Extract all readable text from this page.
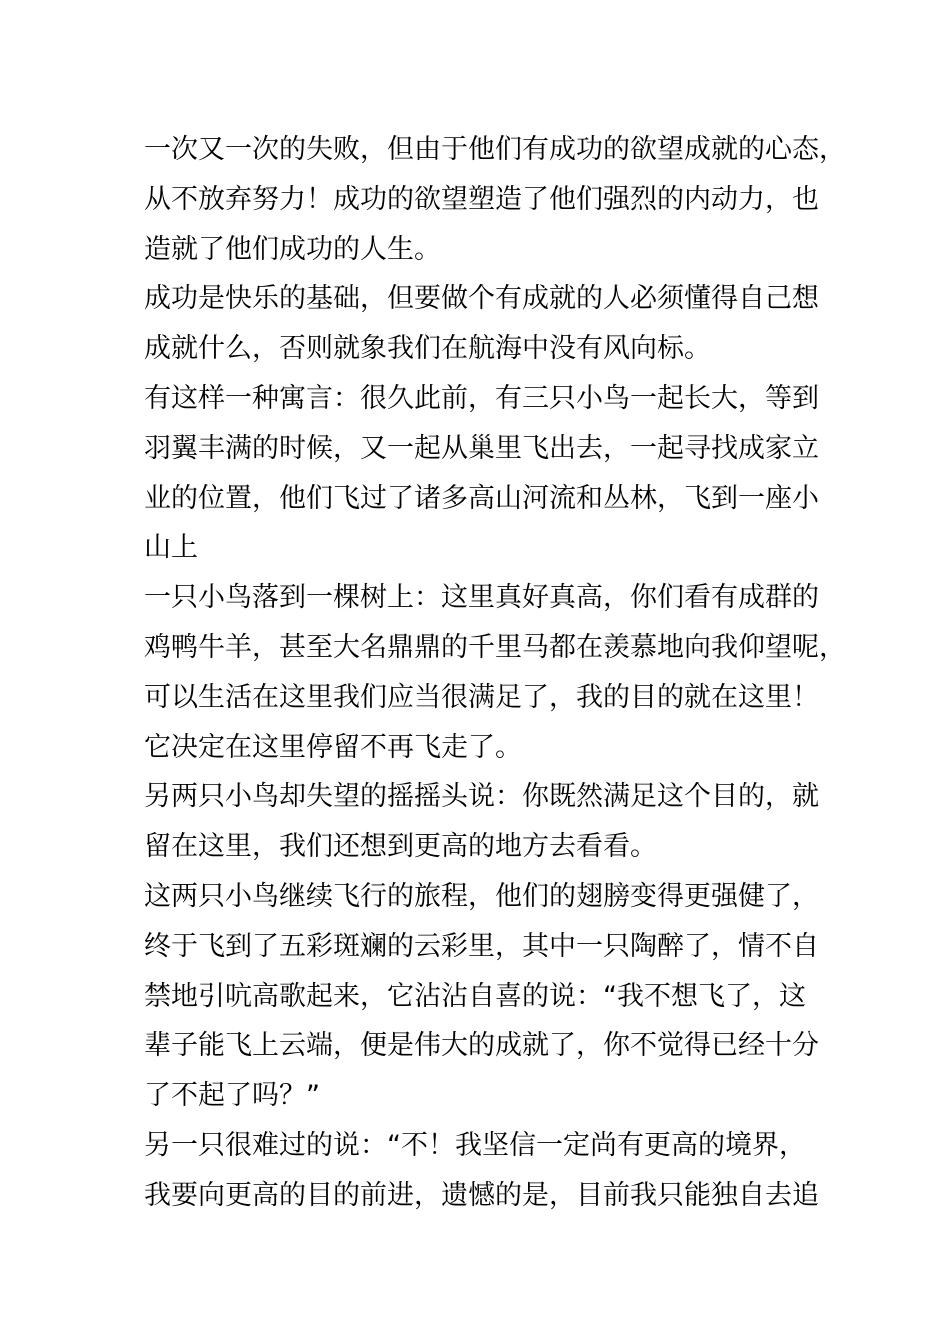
一次又一次的失败，但由于他们有成功的欲望成就的心态，
从不放弃努力！成功的欲望塑造了他们强烈的内动力，也
造就了他们成功的人生。
成功是快乐的基础，但要做个有成就的人必须懂得自己想
成就什么，否则就象我们在航海中没有风向标。
有这样一种寓言：很久此前，有三只小鸟一起长大，等到
羽翼丰满的时候，又一起从巢里飞出去，一起寻找成家立
业的位置，他们飞过了诸多高山河流和丛林，飞到一座小
山上
一只小鸟落到一棵树上：这里真好真高，你们看有成群的
鸡鸭牛羊，甚至大名鼎鼎的千里马都在羡慕地向我仰望呢，
可以生活在这里我们应当很满足了，我的目的就在这里！
它决定在这里停留不再飞走了。
另两只小鸟却失望的摇摇头说：你既然满足这个目的，就
留在这里，我们还想到更高的地方去看看。
这两只小鸟继续飞行的旅程，他们的翅膀变得更强健了，
终于飞到了五彩斑斓的云彩里，其中一只陶醉了，情不自
禁地引吭高歌起来，它沾沾自喜的说：“我不想飞了，这
辈子能飞上云端，便是伟大的成就了，你不觉得已经十分
了不起了吗？”
另一只很难过的说：“不！我坚信一定尚有更高的境界，
我要向更高的目的前进，遗憾的是，目前我只能独自去追
